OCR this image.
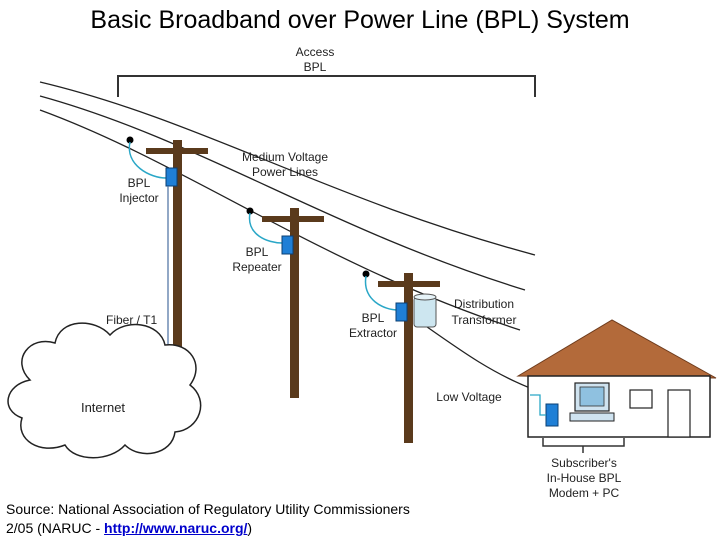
Basic Broadband over Power Line (BPL) System
Access
BPL
Medium Voltage
Power Lines
BPL
Injector
BPL
Repeater
BPL
Extractor
Distribution
Transformer
Fiber / T1
Internet
Low Voltage
Subscriber's
In-House BPL
Modem + PC
Source: National Association of Regulatory Utility Commissioners
2/05 (NARUC - http://www.naruc.org/)
